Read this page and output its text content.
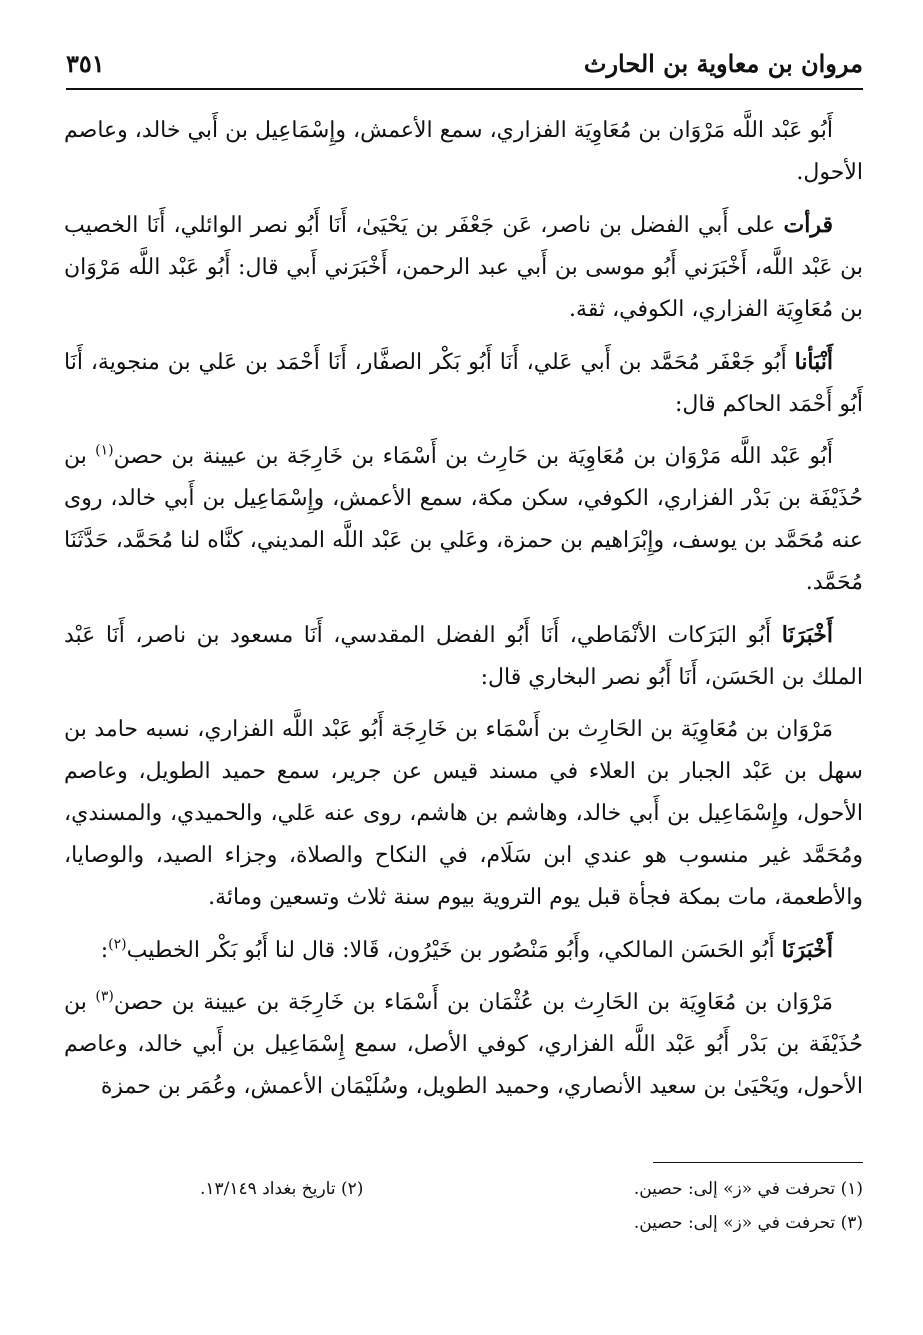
مروان بن معاوية بن الحارث
٣٥١

أَبُو عَبْد اللَّه مَرْوَان بن مُعَاوِيَة الفزاري، سمع الأعمش، وإِسْمَاعِيل بن أَبي خالد، وعاصم الأحول.

قرأت على أَبي الفضل بن ناصر، عَن جَعْفَر بن يَحْيَىٰ، أَنَا أَبُو نصر الوائلي، أَنَا الخصيب بن عَبْد اللَّه، أَخْبَرَني أَبُو موسى بن أَبي عبد الرحمن، أَخْبَرَني أَبي قال: أَبُو عَبْد اللَّه مَرْوَان بن مُعَاوِيَة الفزاري، الكوفي، ثقة.

أَنْبَأنا أَبُو جَعْفَر مُحَمَّد بن أَبي عَلي، أَنَا أَبُو بَكْر الصفَّار، أَنَا أَحْمَد بن عَلي بن منجوية، أَنَا أَبُو أَحْمَد الحاكم قال:

أَبُو عَبْد اللَّه مَرْوَان بن مُعَاوِيَة بن حَارِث بن أَسْمَاء بن خَارِجَة بن عيينة بن حصن$^{(١)}$ بن حُذَيْفَة بن بَدْر الفزاري، الكوفي، سكن مكة، سمع الأعمش، وإِسْمَاعِيل بن أَبي خالد، روى عنه مُحَمَّد بن يوسف، وإِبْرَاهيم بن حمزة، وعَلي بن عَبْد اللَّه المديني، كنَّاه لنا مُحَمَّد، حَدَّثَنَا مُحَمَّد.

أَخْبَرَنَا أَبُو البَرَكات الأنْمَاطي، أَنَا أَبُو الفضل المقدسي، أَنَا مسعود بن ناصر، أَنَا عَبْد الملك بن الحَسَن، أَنَا أَبُو نصر البخاري قال:

مَرْوَان بن مُعَاوِيَة بن الحَارِث بن أَسْمَاء بن خَارِجَة أَبُو عَبْد اللَّه الفزاري، نسبه حامد بن سهل بن عَبْد الجبار بن العلاء في مسند قيس عن جرير، سمع حميد الطويل، وعاصم الأحول، وإِسْمَاعِيل بن أَبي خالد، وهاشم بن هاشم، روى عنه عَلي، والحميدي، والمسندي، ومُحَمَّد غير منسوب هو عندي ابن سَلَام، في النكاح والصلاة، وجزاء الصيد، والوصايا، والأطعمة، مات بمكة فجأة قبل يوم التروية بيوم سنة ثلاث وتسعين ومائة.

أَخْبَرَنَا أَبُو الحَسَن المالكي، وأَبُو مَنْصُور بن خَيْرُون، قَالا: قال لنا أَبُو بَكْر الخطيب$^{(٢)}$:

مَرْوَان بن مُعَاوِيَة بن الحَارِث بن عُثْمَان بن أَسْمَاء بن خَارِجَة بن عيينة بن حصن$^{(٣)}$ بن حُذَيْفَة بن بَدْر أَبُو عَبْد اللَّه الفزاري، كوفي الأصل، سمع إِسْمَاعِيل بن أَبي خالد، وعاصم الأحول، ويَحْيَىٰ بن سعيد الأنصاري، وحميد الطويل، وسُلَيْمَان الأعمش، وعُمَر بن حمزة

(١) تحرفت في «ز» إلى: حصين.
(٢) تاريخ بغداد ١٣/١٤٩.
(٣) تحرفت في «ز» إلى: حصين.
